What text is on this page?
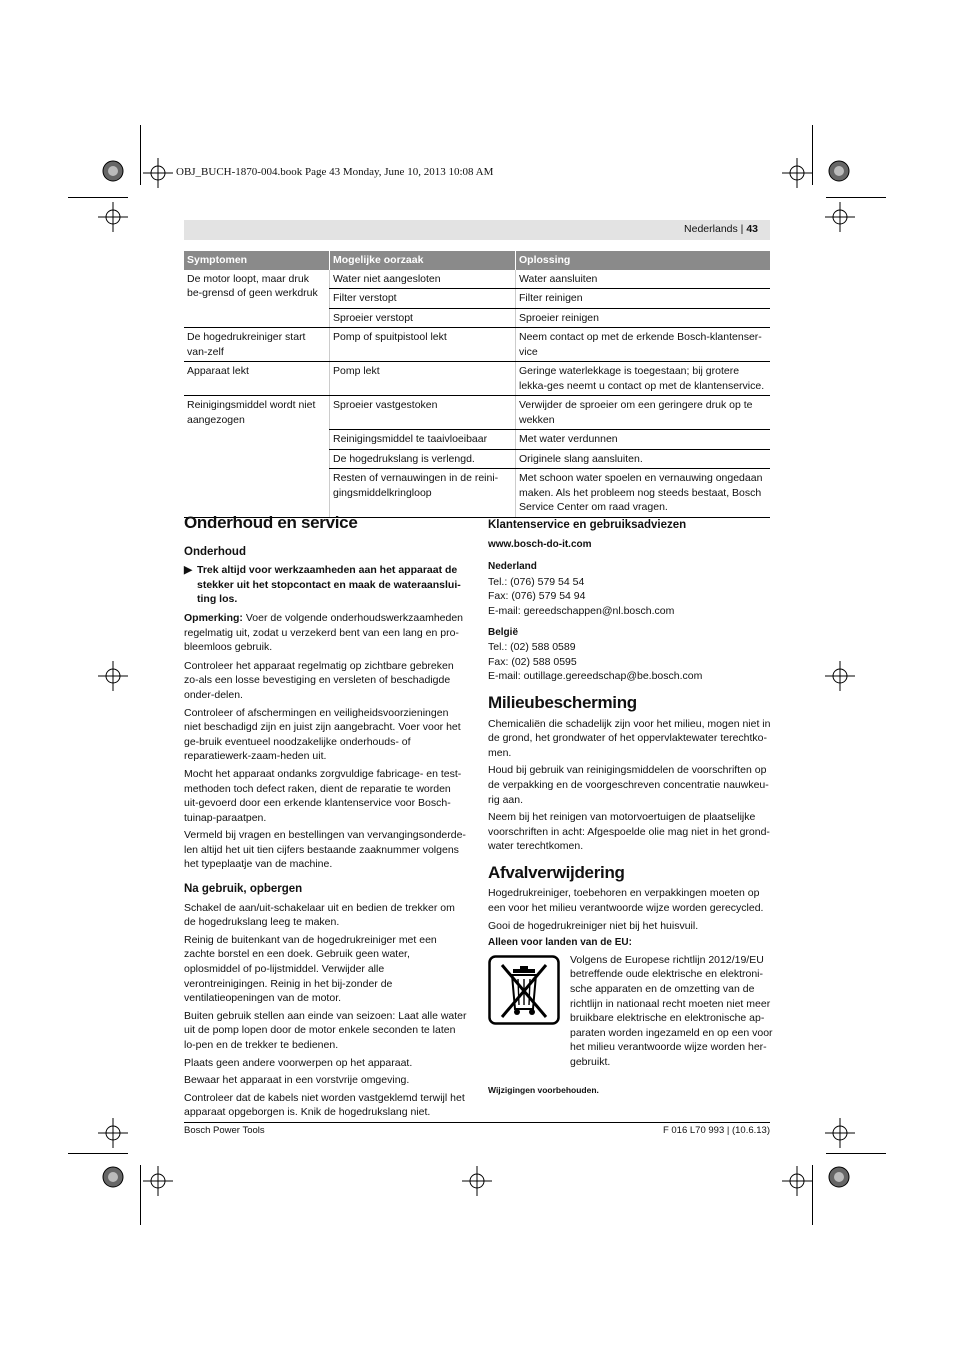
OBJ_BUCH-1870-004.book Page 43 Monday, June 10, 2013 10:08 AM
Nederlands | 43
Symptomen	Mogelijke oorzaak	Oplossing
De motor loopt, maar druk be-grensd of geen werkdruk	Water niet aangesloten	Water aansluiten
	Filter verstopt	Filter reinigen
	Sproeier verstopt	Sproeier reinigen
De hogedrukreiniger start van-zelf	Pomp of spuitpistool lekt	Neem contact op met de erkende Bosch-klantenser-vice
Apparaat lekt	Pomp lekt	Geringe waterlekkage is toegestaan; bij grotere lekka-ges neemt u contact op met de klantenservice.
Reinigingsmiddel wordt niet aangezogen	Sproeier vastgestoken	Verwijder de sproeier om een geringere druk op te wekken
	Reinigingsmiddel te taaivloeibaar	Met water verdunnen
	De hogedrukslang is verlengd.	Originele slang aansluiten.
	Resten of vernauwingen in de reini-gingsmiddelkringloop	Met schoon water spoelen en vernauwing ongedaan maken. Als het probleem nog steeds bestaat, Bosch Service Center om raad vragen.
Onderhoud en service
Onderhoud
▶ Trek altijd voor werkzaamheden aan het apparaat de stekker uit het stopcontact en maak de wateraanslui-ting los.

Opmerking: Voer de volgende onderhoudswerkzaamheden regelmatig uit, zodat u verzekerd bent van een lang en pro-bleemloos gebruik.

Controleer het apparaat regelmatig op zichtbare gebreken zo-als een losse bevestiging en versleten of beschadigde onder-delen.

Controleer of afschermingen en veiligheidsvoorzieningen niet beschadigd zijn en juist zijn aangebracht. Voer voor het ge-bruik eventueel noodzakelijke onderhouds- of reparatiewerk-zaam-heden uit.

Mocht het apparaat ondanks zorgvuldige fabricage- en test-methoden toch defect raken, dient de reparatie te worden uit-gevoerd door een erkende klantenservice voor Bosch-tuinap-paraatpen.

Vermeld bij vragen en bestellingen van vervangingsonderde-len altijd het uit tien cijfers bestaande zaaknummer volgens het typeplaatje van de machine.

Na gebruik, opbergen

Schakel de aan/uit-schakelaar uit en bedien de trekker om de hogedrukslang leeg te maken.

Reinig de buitenkant van de hogedrukreiniger met een zachte borstel en een doek. Gebruik geen water, oplosmiddel of po-lijstmiddel. Verwijder alle verontreinigingen. Reinig in het bij-zonder de ventilatieopeningen van de motor.

Buiten gebruik stellen aan einde van seizoen: Laat alle water uit de pomp lopen door de motor enkele seconden te laten lo-pen en de trekker te bedienen.

Plaats geen andere voorwerpen op het apparaat.

Bewaar het apparaat in een vorstvrije omgeving.

Controleer dat de kabels niet worden vastgeklemd terwijl het apparaat opgeborgen is. Knik de hogedrukslang niet.

Klantenservice en gebruiksadviezen
www.bosch-do-it.com
Nederland
Tel.: (076) 579 54 54
Fax: (076) 579 54 94
E-mail: gereedschappen@nl.bosch.com
België
Tel.: (02) 588 0589
Fax: (02) 588 0595
E-mail: outillage.gereedschap@be.bosch.com
Milieubescherming

Chemicaliën die schadelijk zijn voor het milieu, mogen niet in de grond, het grondwater of het oppervlaktewater terechtko-men.

Houd bij gebruik van reinigingsmiddelen de voorschriften op de verpakking en de voorgeschreven concentratie nauwkeu-rig aan.

Neem bij het reinigen van motorvoertuigen de plaatselijke voorschriften in acht: Afgespoelde olie mag niet in het grond-water terechtkomen.

Afvalverwijdering

Hogedrukreiniger, toebehoren en verpakkingen moeten op een voor het milieu verantwoorde wijze worden gerecycled.

Gooi de hogedrukreiniger niet bij het huisvuil.

Alleen voor landen van de EU:
Volgens de Europese richtlijn 2012/19/EU betreffende oude elektrische en elektroni-sche apparaten en de omzetting van de richtlijn in nationaal recht moeten niet meer bruikbare elektrische en elektronische ap-paraten worden ingezameld en op een voor het milieu verantwoorde wijze worden her-gebruikt.
Wijzigingen voorbehouden.
Bosch Power Tools	F 016 L70 993 | (10.6.13)
